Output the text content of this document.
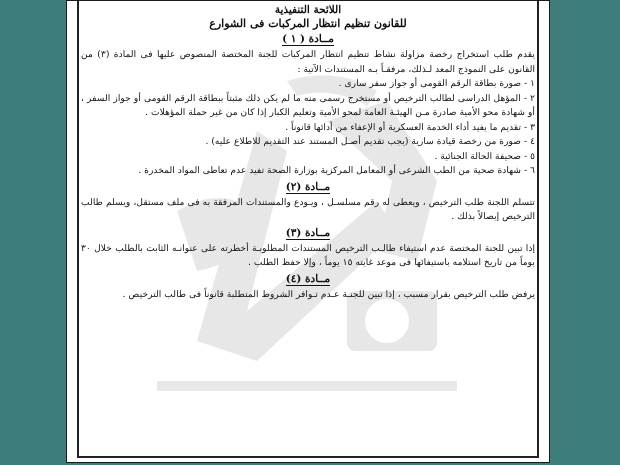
اللائحة التنفيذية
للقانون تنظيم انتظار المركبات فى الشوارع
مــادة ( ١ )

يقدم طلب استخراج رخصة مزاولة نشاط تنظيم انتظار المركبات للجنة المختصة المنصوص عليها فى المادة (٣) من القانون على النموذج المعد لـذلك، مرفقـاً بـه المستندات الآتية :

١ - صورة بطاقة الرقم القومى أو جواز سفر سارى .

٢ - المؤهل الدراسى لطالب الترخيص أو مستخرج رسمى منه ما لم يكن ذلك مثبتاً ببطاقة الرقم القومى أو جواز السفر ، أو شهادة محو الأمية صادرة مـن الهيئـة العامة لمحو الأمية وتعليم الكبار إذا كان من غير حملة المؤهلات .

٣ - تقديم ما يفيد أداء الخدمة العسكرية أو الإعفاء من أدائها قانوناً .

٤ - صورة من رخصة قيادة سارية (يجب تقديم أصـل المستند عند التقديم للاطلاع عليه) .

٥ - صحيفة الحالة الجنائية .

٦ - شهادة صحية من الطب الشرعى أو المعامل المركزية بوزارة الصحة تفيد عدم تعاطى المواد المخدرة .

مــادة (٢)

تتسلم اللجنة طلب الترخيص ، ويعطى له رقم مسلسـل ، ويـودع والمستندات المرفقة به فى ملف مستقل، ويسلم طالب الترخيص إيصالاً بذلك .

مــادة (٣)

إذا تبين للجنة المختصة عدم استيفاء طالـب الترخيص المستندات المطلوبـة أخطرته على عنوانـه الثابت بالطلب خلال ٣٠ يوماً من تاريخ استلامه باستيفائها فى موعد غايته ١٥ يوماً ، وإلا حفظ الطلب .

مــادة (٤)

يرفض طلب الترخيص بقرار مسبب ، إذا تبين للجنـة عـدم تـوافر الشروط المتطلبة قانوناً فى طالب الترخيص .
